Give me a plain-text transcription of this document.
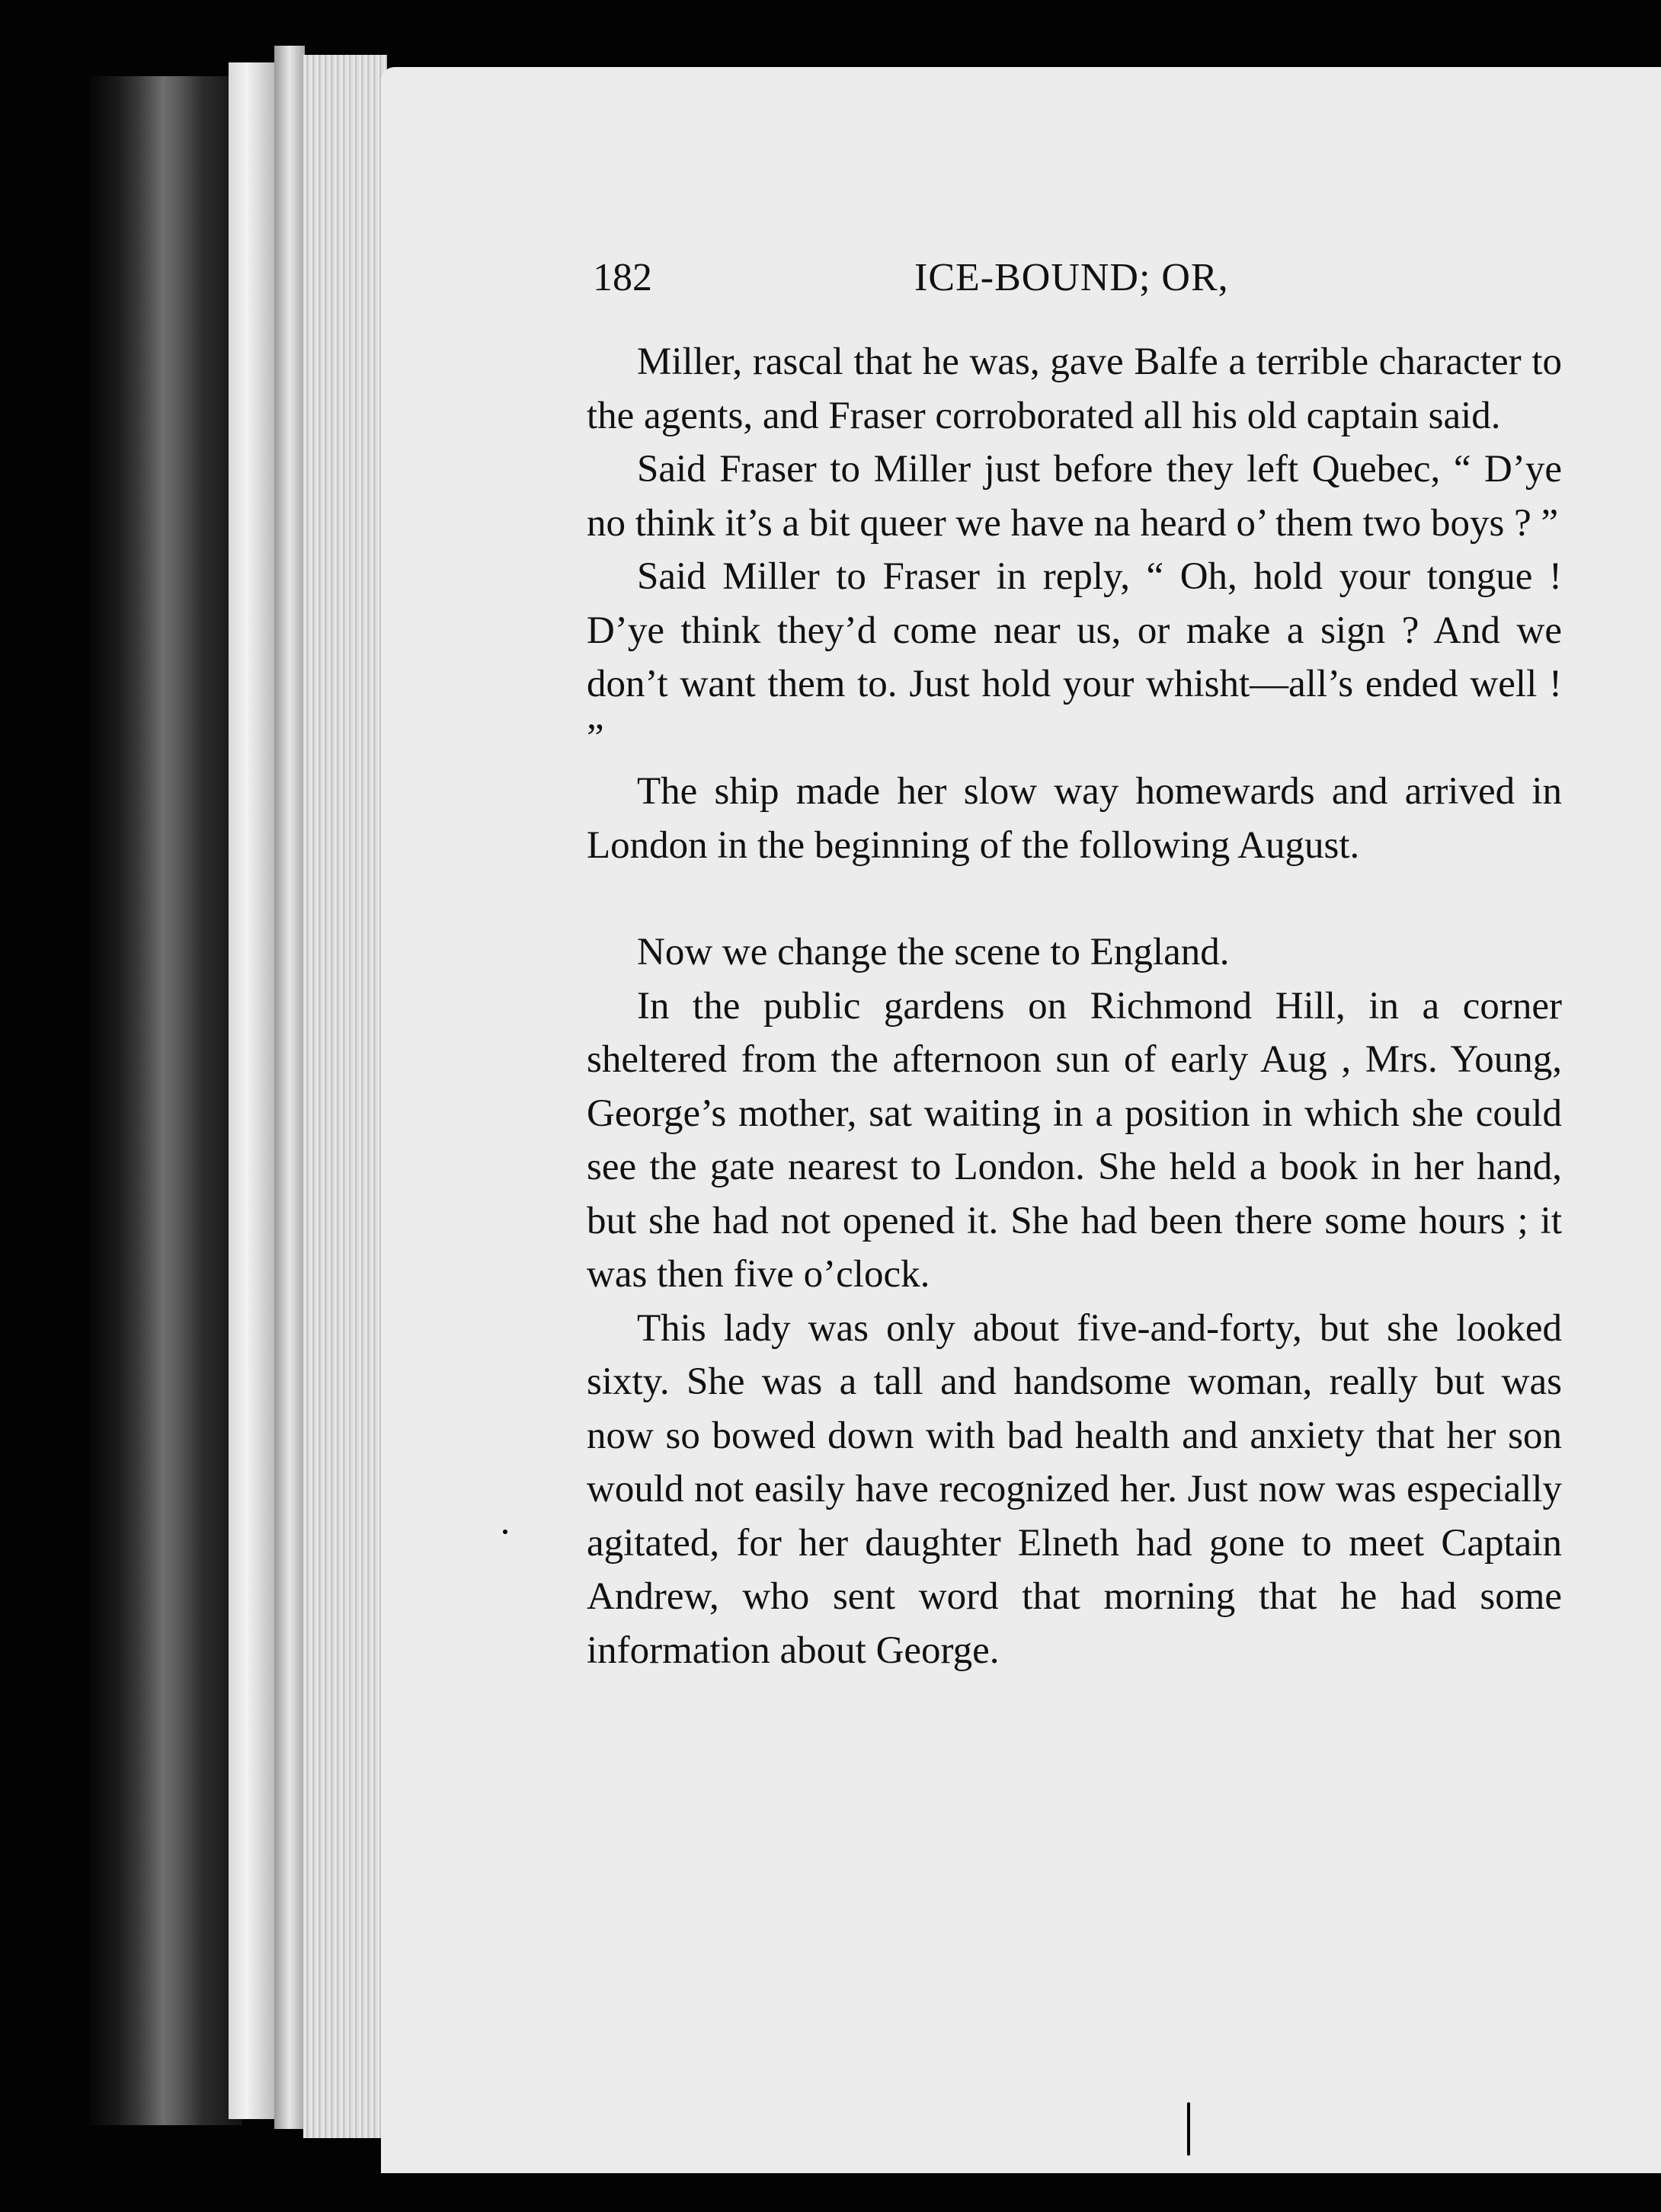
182	ICE-BOUND; OR,

Miller, rascal that he was, gave Balfe a terrible character to the agents, and Fraser corroborated all his old captain said.

Said Fraser to Miller just before they left Quebec, “ D’ye no think it’s a bit queer we have na heard o’ them two boys ? ”

Said Miller to Fraser in reply, “ Oh, hold your tongue ! D’ye think they’d come near us, or make a sign ? And we don’t want them to. Just hold your whisht—all’s ended well ! ”

The ship made her slow way homewards and arrived in London in the beginning of the following August.

Now we change the scene to England.

In the public gardens on Richmond Hill, in a corner sheltered from the afternoon sun of early Aug , Mrs. Young, George’s mother, sat waiting in a position in which she could see the gate nearest to London. She held a book in her hand, but she had not opened it. She had been there some hours ; it was then five o’clock.

This lady was only about five-and-forty, but she looked sixty. She was a tall and handsome woman, really but was now so bowed down with bad health and anxiety that her son would not easily have recognized her. Just now was especially agitated, for her daughter Elneth had gone to meet Captain Andrew, who sent word that morning that he had some information about George.
